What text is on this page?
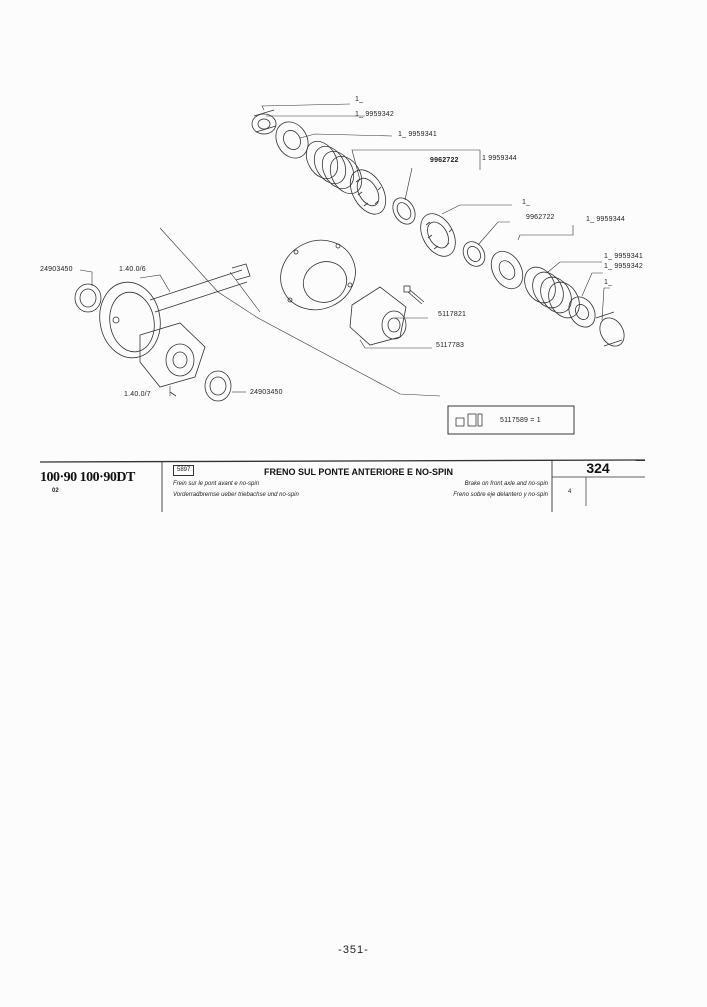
1_
1_ 9959342
1_ 9959341
9962722	1 9959344
1_
9962722	1_ 9959344
1_ 9959341
1_ 9959342
1_
24903450	1.40.0/6
5117821
5117783
1.40.0/7	24903450
5117589 = 1
100·90 100·90DT
02
5897	FRENO SUL PONTE ANTERIORE E NO-SPIN
Frein sur le pont avant e no-spin
Vorderradbremse ueber triebachse und no-spin
Brake on front axle and no-spin
Freno sobre eje delantero y no-spin
324
4
-351-
